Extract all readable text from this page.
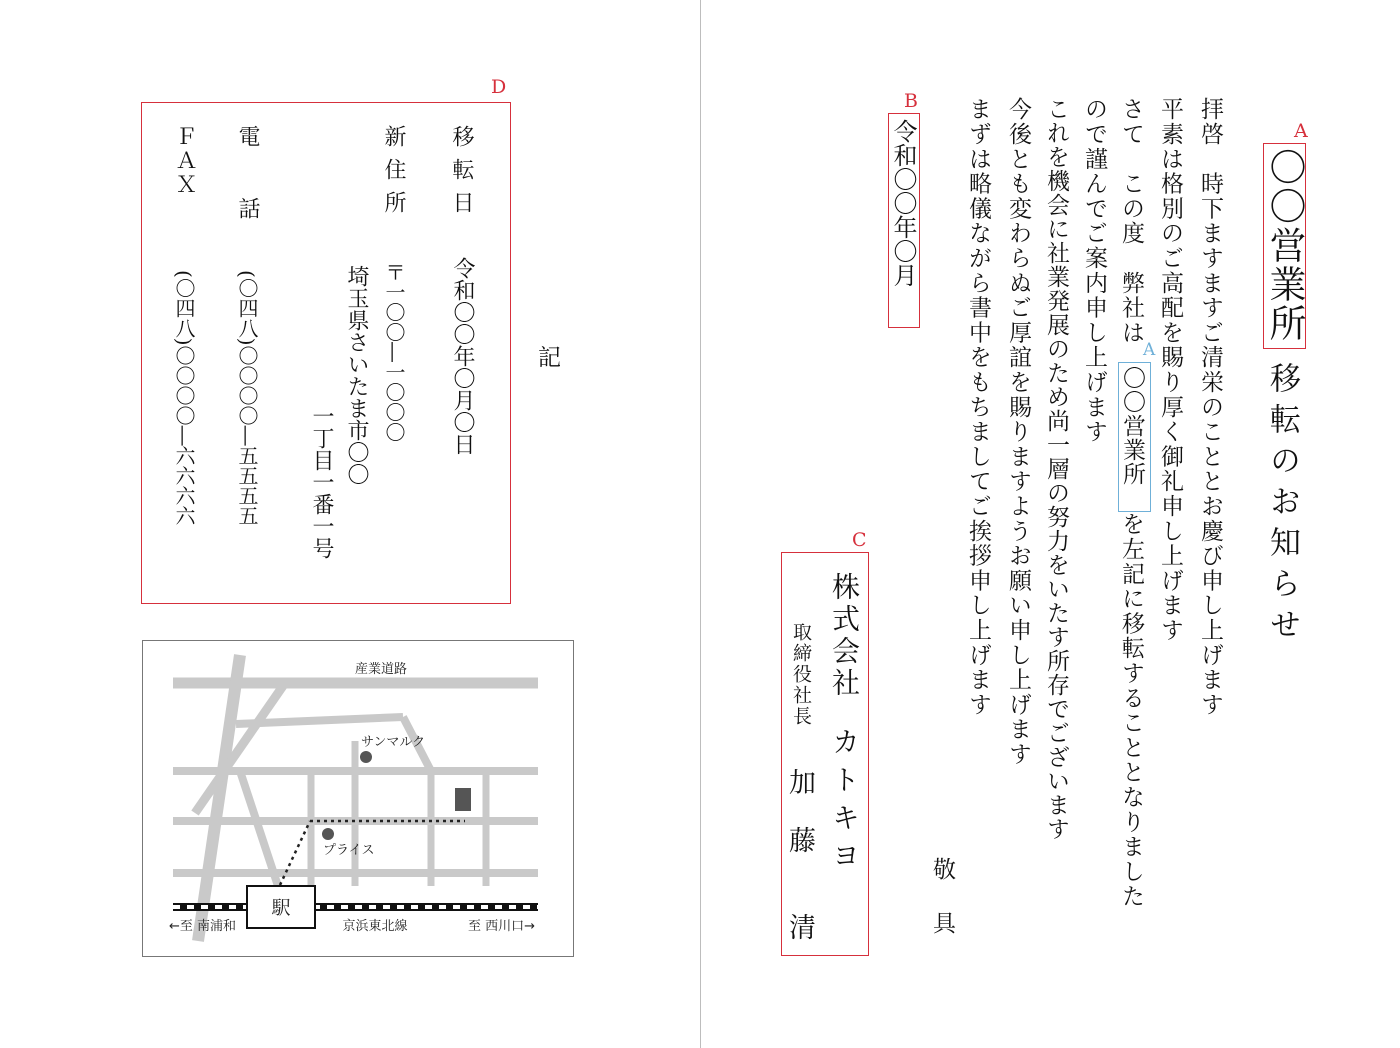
A
〇〇営業所
移転のお知らせ
拝啓　時下ますますご清栄のこととお慶び申し上げます
平素は格別のご高配を賜り厚く御礼申し上げます
さて　この度　弊社は
A
〇〇営業所
を左記に移転することとなりました
ので謹んでご案内申し上げます
これを機会に社業発展のため尚一層の努力をいたす所存でございます
今後とも変わらぬご厚誼を賜りますようお願い申し上げます
まずは略儀ながら書中をもちましてご挨拶申し上げます
敬　具
B
令和〇〇年〇月
C
株式会社
カトキヨ
取締役社長
加　藤　　清
記
D
移 転 日
令和〇〇年〇月〇日
新 住 所
〒一〇〇―一〇〇〇
埼玉県さいたま市〇〇
一丁目一番一号
電　　話
(〇四八)〇〇〇〇―五五五五
ＦＡＸ
(〇四八)〇〇〇〇―六六六六
駅
産業道路
サンマルク
プライス
←至 南浦和	京浜東北線	至 西川口→
